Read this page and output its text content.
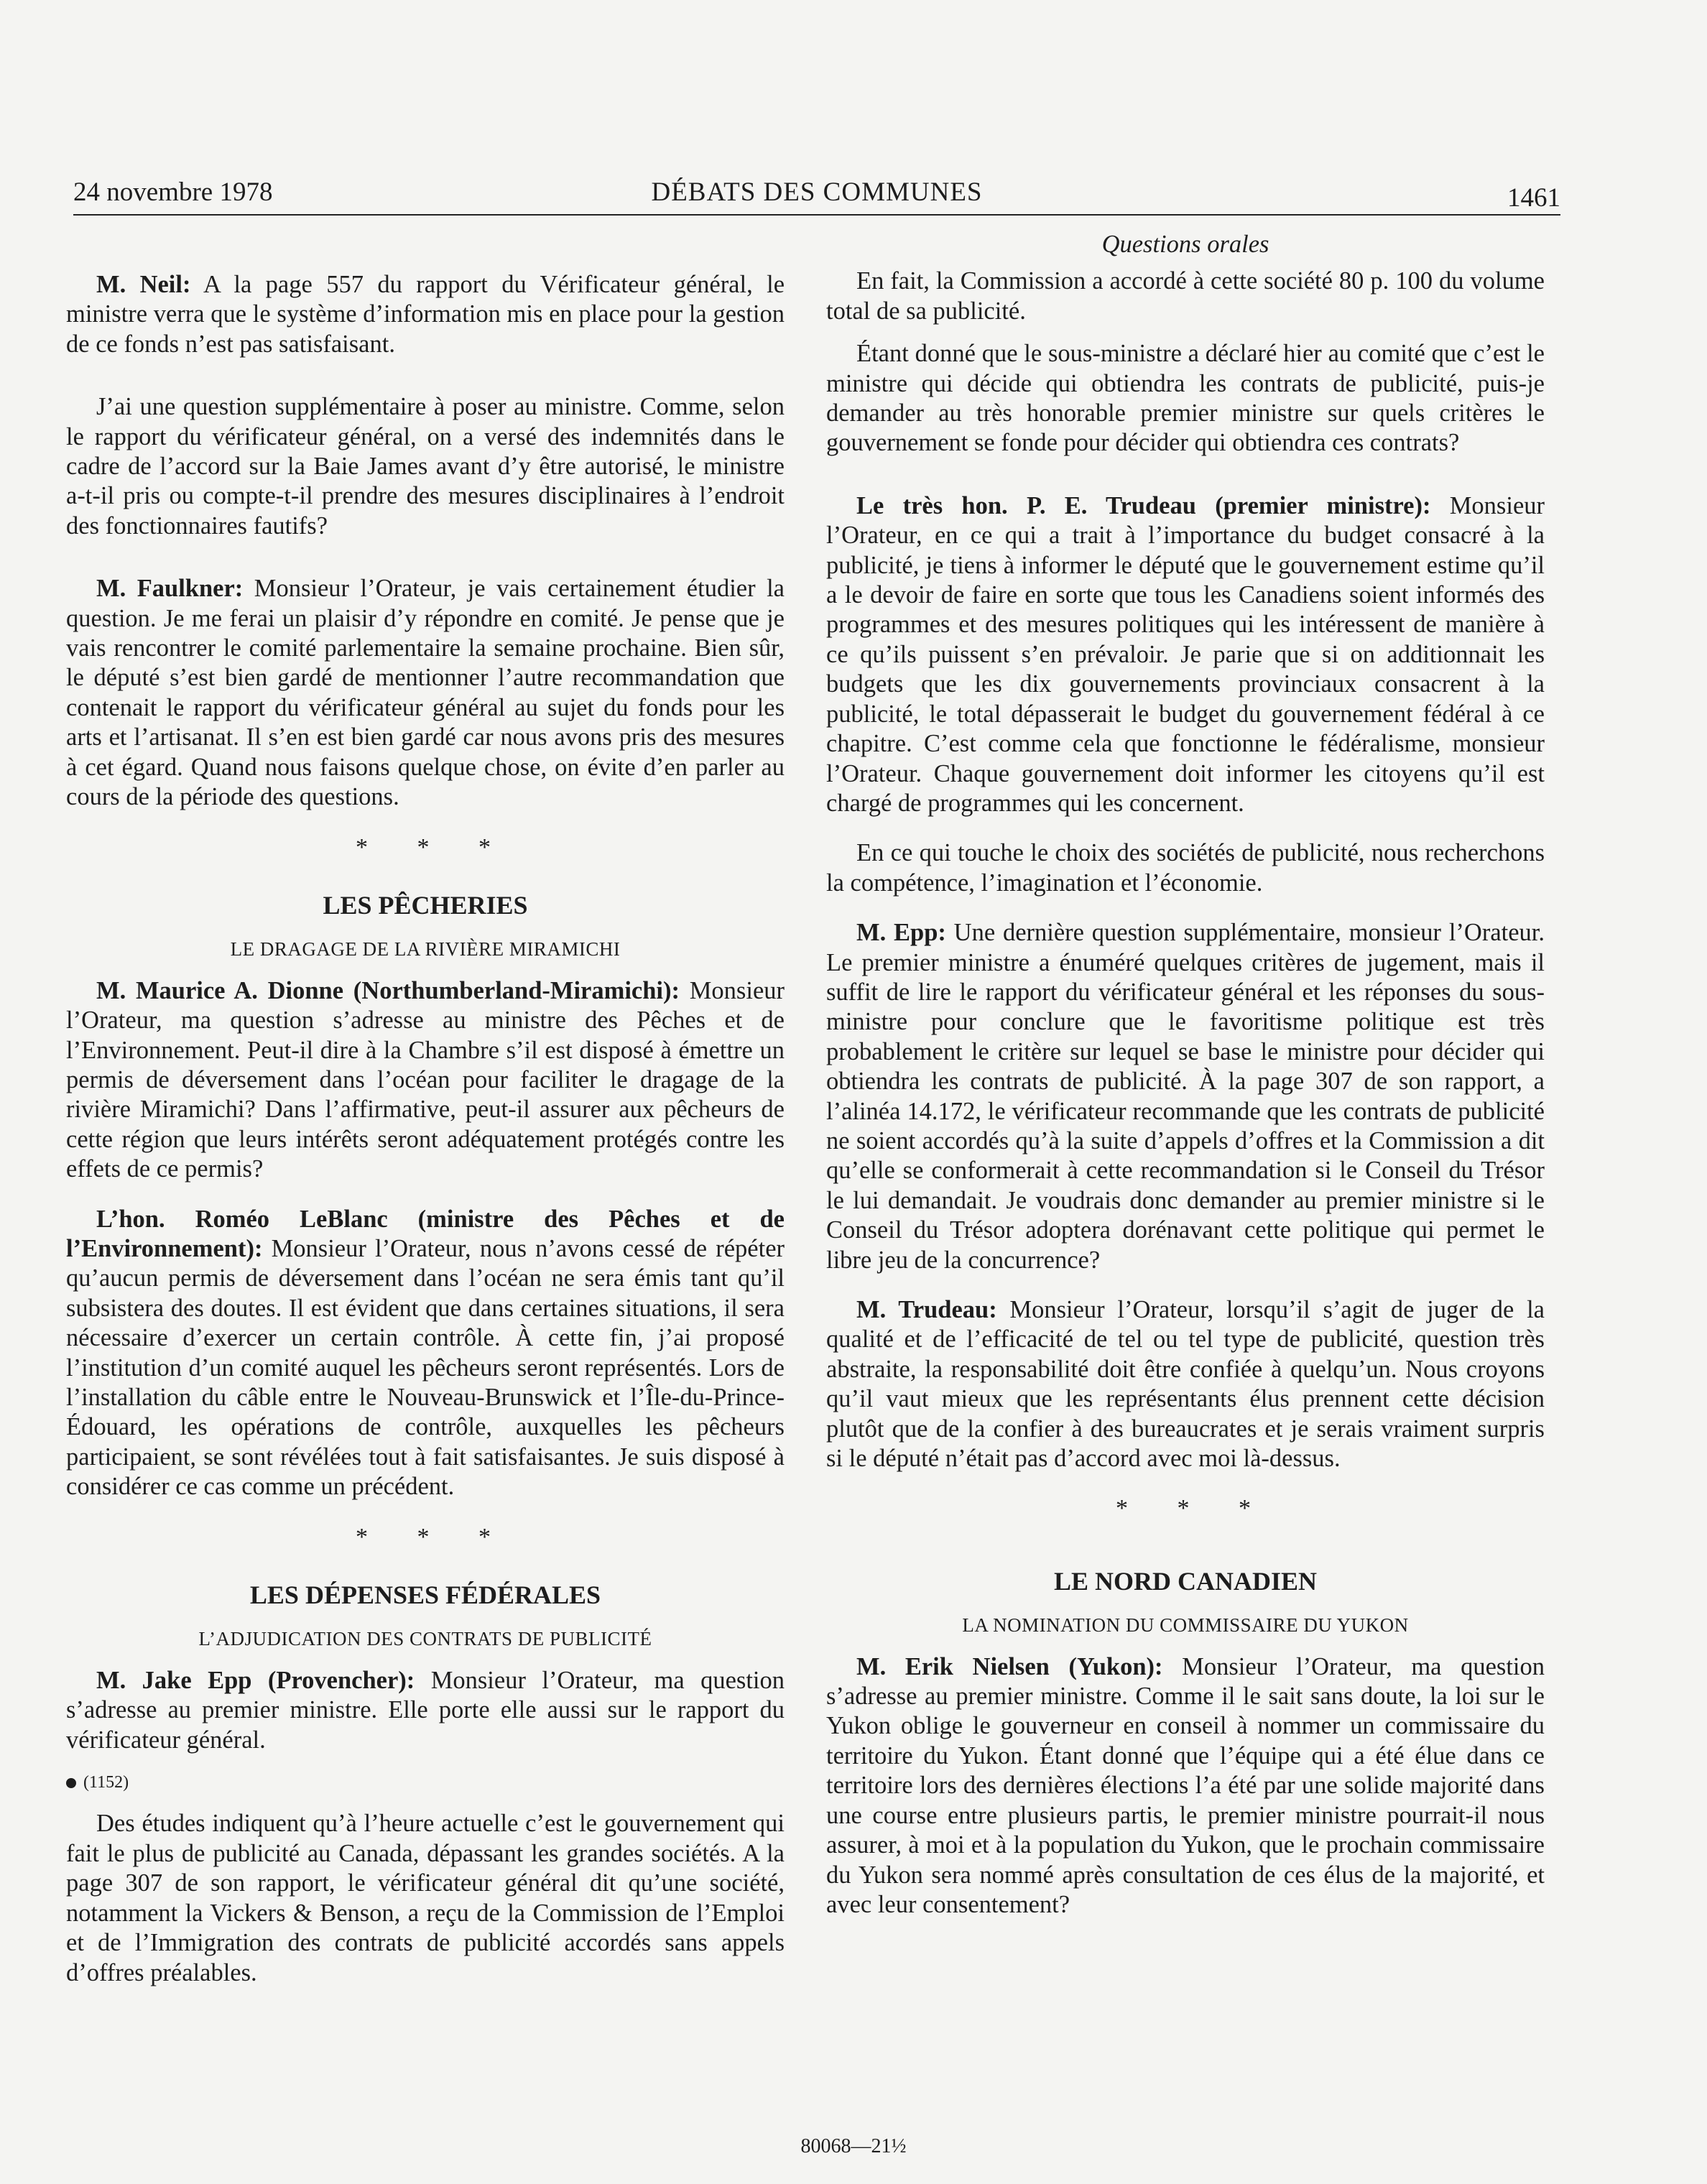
24 novembre 1978	DÉBATS DES COMMUNES	1461

M. Neil: A la page 557 du rapport du Vérificateur général, le ministre verra que le système d’information mis en place pour la gestion de ce fonds n’est pas satisfaisant.

J’ai une question supplémentaire à poser au ministre. Comme, selon le rapport du vérificateur général, on a versé des indemnités dans le cadre de l’accord sur la Baie James avant d’y être autorisé, le ministre a-t-il pris ou compte-t-il prendre des mesures disciplinaires à l’endroit des fonctionnaires fautifs?

M. Faulkner: Monsieur l’Orateur, je vais certainement étudier la question. Je me ferai un plaisir d’y répondre en comité. Je pense que je vais rencontrer le comité parlementaire la semaine prochaine. Bien sûr, le député s’est bien gardé de mentionner l’autre recommandation que contenait le rapport du vérificateur général au sujet du fonds pour les arts et l’artisanat. Il s’en est bien gardé car nous avons pris des mesures à cet égard. Quand nous faisons quelque chose, on évite d’en parler au cours de la période des questions.

* * *
LES PÊCHERIES
LE DRAGAGE DE LA RIVIÈRE MIRAMICHI

M. Maurice A. Dionne (Northumberland-Miramichi): Monsieur l’Orateur, ma question s’adresse au ministre des Pêches et de l’Environnement. Peut-il dire à la Chambre s’il est disposé à émettre un permis de déversement dans l’océan pour faciliter le dragage de la rivière Miramichi? Dans l’affirmative, peut-il assurer aux pêcheurs de cette région que leurs intérêts seront adéquatement protégés contre les effets de ce permis?

L’hon. Roméo LeBlanc (ministre des Pêches et de l’Environnement): Monsieur l’Orateur, nous n’avons cessé de répéter qu’aucun permis de déversement dans l’océan ne sera émis tant qu’il subsistera des doutes. Il est évident que dans certaines situations, il sera nécessaire d’exercer un certain contrôle. À cette fin, j’ai proposé l’institution d’un comité auquel les pêcheurs seront représentés. Lors de l’installation du câble entre le Nouveau-Brunswick et l’Île-du-Prince-Édouard, les opérations de contrôle, auxquelles les pêcheurs participaient, se sont révélées tout à fait satisfaisantes. Je suis disposé à considérer ce cas comme un précédent.

* * *
LES DÉPENSES FÉDÉRALES
L’ADJUDICATION DES CONTRATS DE PUBLICITÉ

M. Jake Epp (Provencher): Monsieur l’Orateur, ma question s’adresse au premier ministre. Elle porte elle aussi sur le rapport du vérificateur général.

(1152)

Des études indiquent qu’à l’heure actuelle c’est le gouvernement qui fait le plus de publicité au Canada, dépassant les grandes sociétés. A la page 307 de son rapport, le vérificateur général dit qu’une société, notamment la Vickers & Benson, a reçu de la Commission de l’Emploi et de l’Immigration des contrats de publicité accordés sans appels d’offres préalables.

Questions orales

En fait, la Commission a accordé à cette société 80 p. 100 du volume total de sa publicité.

Étant donné que le sous-ministre a déclaré hier au comité que c’est le ministre qui décide qui obtiendra les contrats de publicité, puis-je demander au très honorable premier ministre sur quels critères le gouvernement se fonde pour décider qui obtiendra ces contrats?

Le très hon. P. E. Trudeau (premier ministre): Monsieur l’Orateur, en ce qui a trait à l’importance du budget consacré à la publicité, je tiens à informer le député que le gouvernement estime qu’il a le devoir de faire en sorte que tous les Canadiens soient informés des programmes et des mesures politiques qui les intéressent de manière à ce qu’ils puissent s’en prévaloir. Je parie que si on additionnait les budgets que les dix gouvernements provinciaux consacrent à la publicité, le total dépasserait le budget du gouvernement fédéral à ce chapitre. C’est comme cela que fonctionne le fédéralisme, monsieur l’Orateur. Chaque gouvernement doit informer les citoyens qu’il est chargé de programmes qui les concernent.

En ce qui touche le choix des sociétés de publicité, nous recherchons la compétence, l’imagination et l’économie.

M. Epp: Une dernière question supplémentaire, monsieur l’Orateur. Le premier ministre a énuméré quelques critères de jugement, mais il suffit de lire le rapport du vérificateur général et les réponses du sous-ministre pour conclure que le favoritisme politique est très probablement le critère sur lequel se base le ministre pour décider qui obtiendra les contrats de publicité. À la page 307 de son rapport, a l’alinéa 14.172, le vérificateur recommande que les contrats de publicité ne soient accordés qu’à la suite d’appels d’offres et la Commission a dit qu’elle se conformerait à cette recommandation si le Conseil du Trésor le lui demandait. Je voudrais donc demander au premier ministre si le Conseil du Trésor adoptera dorénavant cette politique qui permet le libre jeu de la concurrence?

M. Trudeau: Monsieur l’Orateur, lorsqu’il s’agit de juger de la qualité et de l’efficacité de tel ou tel type de publicité, question très abstraite, la responsabilité doit être confiée à quelqu’un. Nous croyons qu’il vaut mieux que les représentants élus prennent cette décision plutôt que de la confier à des bureaucrates et je serais vraiment surpris si le député n’était pas d’accord avec moi là-dessus.

* * *
LE NORD CANADIEN
LA NOMINATION DU COMMISSAIRE DU YUKON

M. Erik Nielsen (Yukon): Monsieur l’Orateur, ma question s’adresse au premier ministre. Comme il le sait sans doute, la loi sur le Yukon oblige le gouverneur en conseil à nommer un commissaire du territoire du Yukon. Étant donné que l’équipe qui a été élue dans ce territoire lors des dernières élections l’a été par une solide majorité dans une course entre plusieurs partis, le premier ministre pourrait-il nous assurer, à moi et à la population du Yukon, que le prochain commissaire du Yukon sera nommé après consultation de ces élus de la majorité, et avec leur consentement?

80068—21½
